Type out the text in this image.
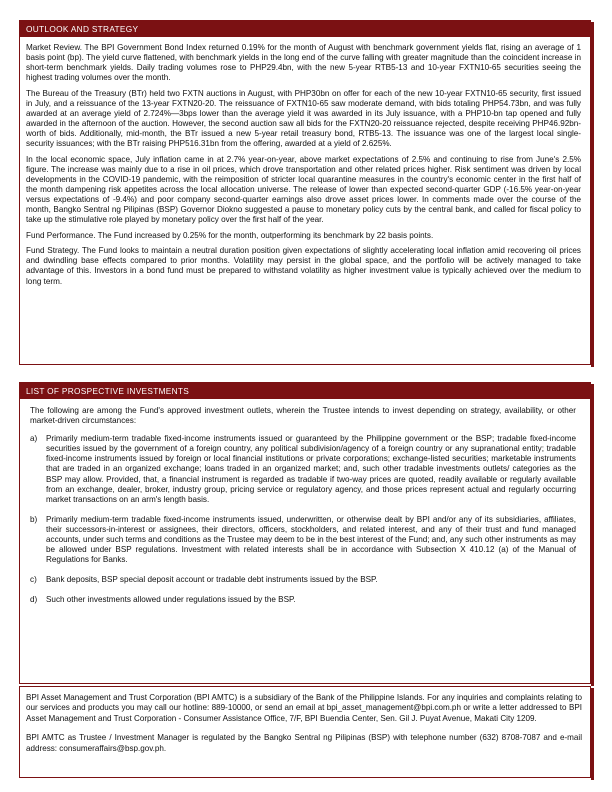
OUTLOOK AND STRATEGY

Market Review. The BPI Government Bond Index returned 0.19% for the month of August with benchmark government yields flat, rising an average of 1 basis point (bp). The yield curve flattened, with benchmark yields in the long end of the curve falling with greater magnitude than the coincident increase in short-term benchmark yields. Daily trading volumes rose to PHP29.4bn, with the new 5-year RTB5-13 and 10-year FXTN10-65 securities seeing the highest trading volumes over the month.

The Bureau of the Treasury (BTr) held two FXTN auctions in August, with PHP30bn on offer for each of the new 10-year FXTN10-65 security, first issued in July, and a reissuance of the 13-year FXTN20-20. The reissuance of FXTN10-65 saw moderate demand, with bids totaling PHP54.73bn, and was fully awarded at an average yield of 2.724%—3bps lower than the average yield it was awarded in its July issuance, with a PHP10-bn tap opened and fully awarded in the afternoon of the auction. However, the second auction saw all bids for the FXTN20-20 reissuance rejected, despite receiving PHP46.92bn-worth of bids. Additionally, mid-month, the BTr issued a new 5-year retail treasury bond, RTB5-13. The issuance was one of the largest local single-security issuances; with the BTr raising PHP516.31bn from the offering, awarded at a yield of 2.625%.

In the local economic space, July inflation came in at 2.7% year-on-year, above market expectations of 2.5% and continuing to rise from June's 2.5% figure. The increase was mainly due to a rise in oil prices, which drove transportation and other related prices higher. Risk sentiment was driven by local developments in the COVID-19 pandemic, with the reimposition of stricter local quarantine measures in the country's economic center in the first half of the month dampening risk appetites across the local allocation universe. The release of lower than expected second-quarter GDP (-16.5% year-on-year versus expectations of -9.4%) and poor company second-quarter earnings also drove asset prices lower. In comments made over the course of the month, Bangko Sentral ng Pilipinas (BSP) Governor Diokno suggested a pause to monetary policy cuts by the central bank, and called for fiscal policy to take up the stimulative role played by monetary policy over the first half of the year.

Fund Performance. The Fund increased by 0.25% for the month, outperforming its benchmark by 22 basis points.

Fund Strategy. The Fund looks to maintain a neutral duration position given expectations of slightly accelerating local inflation amid recovering oil prices and dwindling base effects compared to prior months. Volatility may persist in the global space, and the portfolio will be actively managed to take advantage of this. Investors in a bond fund must be prepared to withstand volatility as higher investment value is typically achieved over the medium to long term.

LIST OF PROSPECTIVE INVESTMENTS

The following are among the Fund's approved investment outlets, wherein the Trustee intends to invest depending on strategy, availability, or other market-driven circumstances:

a)	Primarily medium-term tradable fixed-income instruments issued or guaranteed by the Philippine government or the BSP; tradable fixed-income securities issued by the government of a foreign country, any political subdivision/agency of a foreign country or any supranational entity; tradable fixed-income instruments issued by foreign or local financial institutions or private corporations; exchange-listed securities; marketable instruments that are traded in an organized exchange; loans traded in an organized market; and, such other tradable investments outlets/ categories as the BSP may allow. Provided, that, a financial instrument is regarded as tradable if two-way prices are quoted, readily available or regularly available from an exchange, dealer, broker, industry group, pricing service or regulatory agency, and those prices represent actual and regularly occurring market transactions on an arm's length basis.
b)	Primarily medium-term tradable fixed-income instruments issued, underwritten, or otherwise dealt by BPI and/or any of its subsidiaries, affiliates, their successors-in-interest or assignees, their directors, officers, stockholders, and related interest, and any of their trust and fund managed accounts, under such terms and conditions as the Trustee may deem to be in the best interest of the Fund; and, any such other instruments as may be allowed under BSP regulations. Investment with related interests shall be in accordance with Subsection X 410.12 (a) of the Manual of Regulations for Banks.
c)	Bank deposits, BSP special deposit account or tradable debt instruments issued by the BSP.
d)	Such other investments allowed under regulations issued by the BSP.

BPI Asset Management and Trust Corporation (BPI AMTC) is a subsidiary of the Bank of the Philippine Islands. For any inquiries and complaints relating to our services and products you may call our hotline: 889-10000, or send an email at bpi_asset_management@bpi.com.ph or write a letter addressed to BPI Asset Management and Trust Corporation - Consumer Assistance Office, 7/F, BPI Buendia Center, Sen. Gil J. Puyat Avenue, Makati City 1209.

BPI AMTC as Trustee / Investment Manager is regulated by the Bangko Sentral ng Pilipinas (BSP) with telephone number (632) 8708-7087 and e-mail address: consumeraffairs@bsp.gov.ph.
